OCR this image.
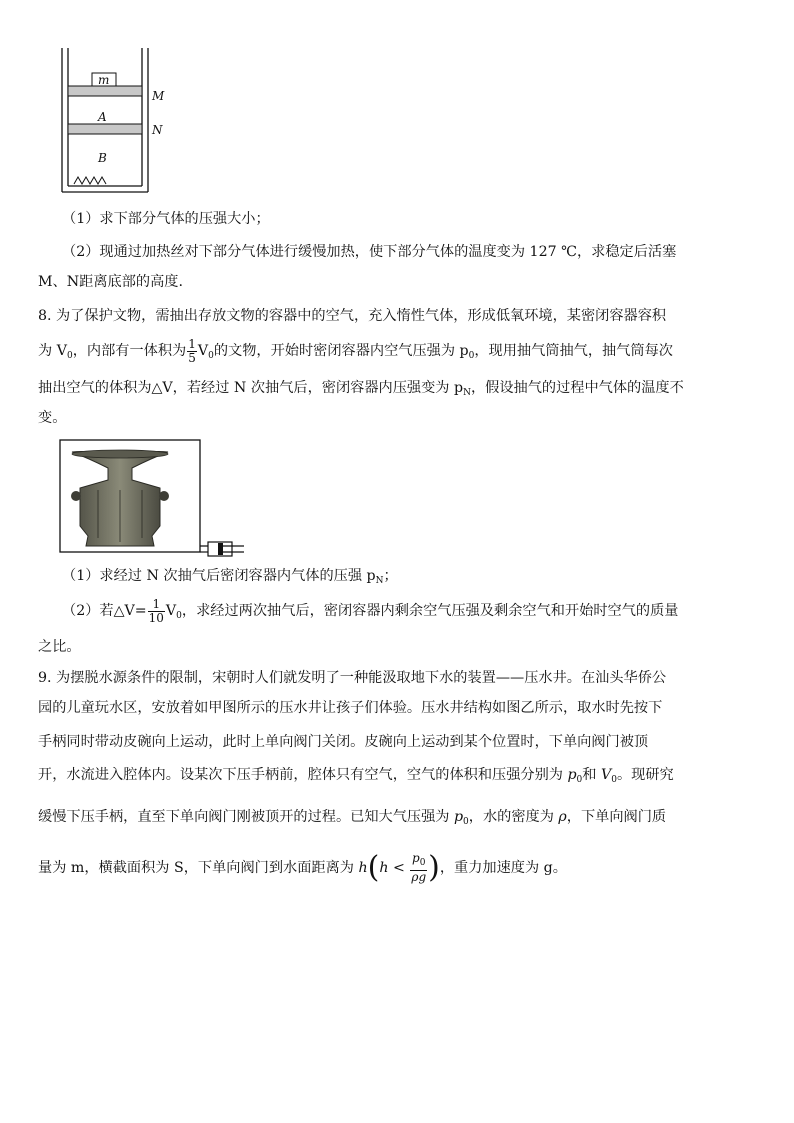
m
M
A
N
B
（1）求下部分气体的压强大小；
（2）现通过加热丝对下部分气体进行缓慢加热，使下部分气体的温度变为 127 ℃，求稳定后活塞
M、N距离底部的高度.
8. 为了保护文物，需抽出存放文物的容器中的空气，充入惰性气体，形成低氧环境，某密闭容器容积
为 $V_0$，内部有一体积为 $\frac{1}{5} V_0$的文物，开始时密闭容器内空气压强为 $p_0$，现用抽气筒抽气，抽气筒每次
抽出空气的体积为△V，若经过 N 次抽气后，密闭容器内压强变为 $p_N$，假设抽气的过程中气体的温度不
变。
（1）求经过 N 次抽气后密闭容器内气体的压强 $p_N$；
（2）若△V= $\frac{1}{10} V_0$，求经过两次抽气后，密闭容器内剩余空气压强及剩余空气和开始时空气的质量
之比。
9. 为摆脱水源条件的限制，宋朝时人们就发明了一种能汲取地下水的装置——压水井。在汕头华侨公
园的儿童玩水区，安放着如甲图所示的压水井让孩子们体验。压水井结构如图乙所示，取水时先按下
手柄同时带动皮碗向上运动，此时上单向阀门关闭。皮碗向上运动到某个位置时，下单向阀门被顶
开，水流进入腔体内。设某次下压手柄前，腔体只有空气，空气的体积和压强分别为 $p_0$和 $V_0$。现研究
缓慢下压手柄，直至下单向阀门刚被顶开的过程。已知大气压强为 $p_0$，水的密度为 ρ，下单向阀门质
量为 m，横截面积为 S，下单向阀门到水面距离为 $h(h < \frac{p_0}{\rho g}$ )，重力加速度为 g。
